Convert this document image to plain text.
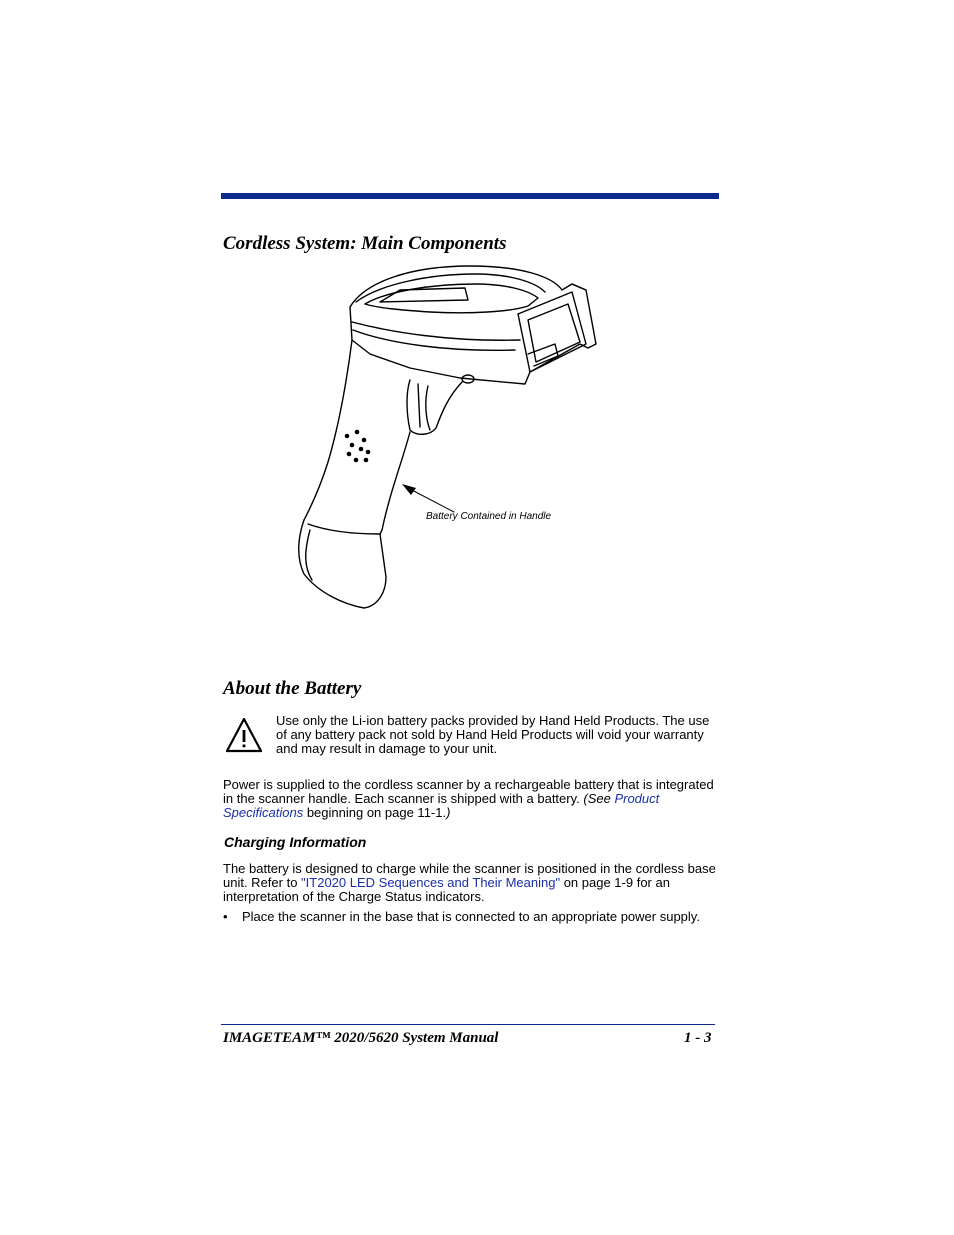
Cordless System: Main Components
Battery Contained in Handle
About the Battery

Use only the Li-ion battery packs provided by Hand Held Products. The use of any battery pack not sold by Hand Held Products will void your warranty and may result in damage to your unit.

Power is supplied to the cordless scanner by a rechargeable battery that is integrated in the scanner handle. Each scanner is shipped with a battery. (See Product Specifications beginning on page 11-1.)

Charging Information

The battery is designed to charge while the scanner is positioned in the cordless base unit. Refer to "IT2020 LED Sequences and Their Meaning" on page 1-9 for an interpretation of the Charge Status indicators.

•	Place the scanner in the base that is connected to an appropriate power supply.
IMAGETEAM™ 2020/5620 System Manual	1 - 3
